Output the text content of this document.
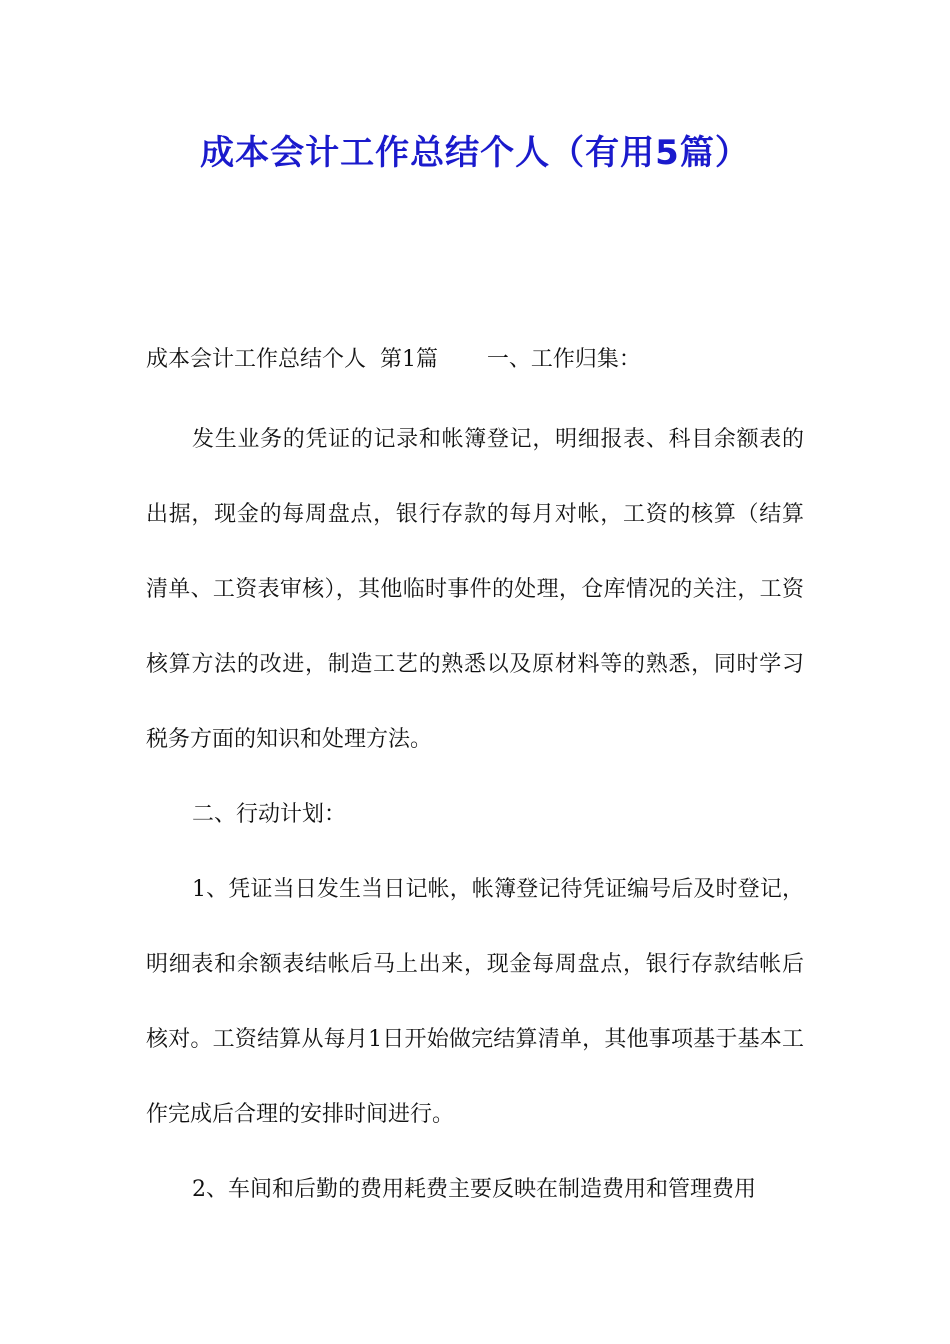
成本会计工作总结个人（有用5篇）

成本会计工作总结个人  第1篇       一、工作归集：

发生业务的凭证的记录和帐簿登记，明细报表、科目余额表的出据，现金的每周盘点，银行存款的每月对帐，工资的核算（结算清单、工资表审核），其他临时事件的处理，仓库情况的关注，工资核算方法的改进，制造工艺的熟悉以及原材料等的熟悉，同时学习税务方面的知识和处理方法。

二、行动计划：

1、凭证当日发生当日记帐，帐簿登记待凭证编号后及时登记，明细表和余额表结帐后马上出来，现金每周盘点，银行存款结帐后核对。工资结算从每月1日开始做完结算清单，其他事项基于基本工作完成后合理的安排时间进行。

2、车间和后勤的费用耗费主要反映在制造费用和管理费用
